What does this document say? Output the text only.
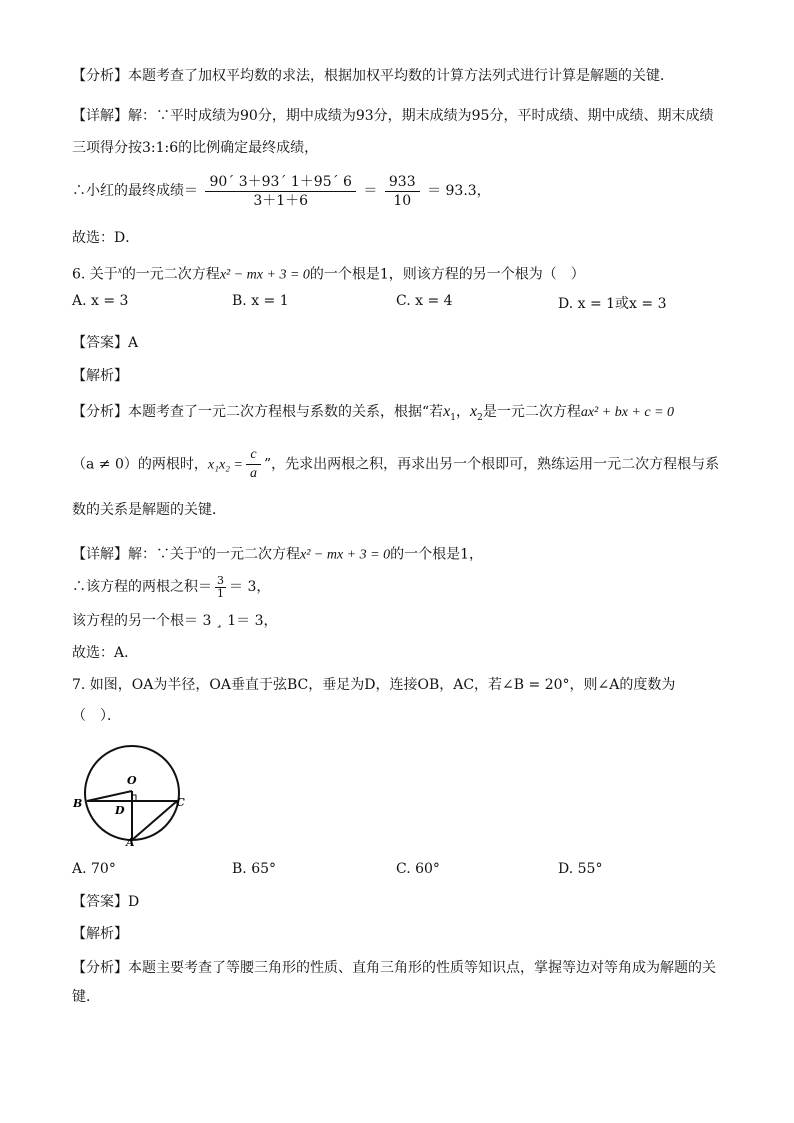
【分析】本题考查了加权平均数的求法，根据加权平均数的计算方法列式进行计算是解题的关键．
【详解】解：∵平时成绩为90分，期中成绩为93分，期末成绩为95分，平时成绩、期中成绩、期末成绩
三项得分按3:1:6的比例确定最终成绩，
∴小红的最终成绩＝ $\frac{90´ 3+93´ 1+95´ 6}{3+1+6} = \frac{933}{10} = 93.3$，
故选：D．
6. 关于$^x$的一元二次方程x² − mx + 3 = 0的一个根是1，则该方程的另一个根为（　）
A. x = 3	B. x = 1	C. x = 4	D. x = 1或x = 3
【答案】A
【解析】
【分析】本题考查了一元二次方程根与系数的关系，根据“若$x_1$，$x_2$是一元二次方程ax² + bx + c = 0
（a ≠ 0）的两根时，$x_1x_2 = \frac{c}{a}$ ”，先求出两根之积，再求出另一个根即可，熟练运用一元二次方程根与系
数的关系是解题的关键．
【详解】解：∵关于$^x$的一元二次方程x² − mx + 3 = 0的一个根是1，
∴该方程的两根之积＝ $\frac{3}{1} = 3$，
该方程的另一个根＝ 3 ¸ 1＝ 3，
故选：A．
7. 如图，OA为半径，OA垂直于弦BC，垂足为D，连接OB，AC，若∠B = 20°，则∠A的度数为
（　）．
O
B
D
C
A
A. 70°	B. 65°	C. 60°	D. 55°
【答案】D
【解析】
【分析】本题主要考查了等腰三角形的性质、直角三角形的性质等知识点，掌握等边对等角成为解题的关
键．
